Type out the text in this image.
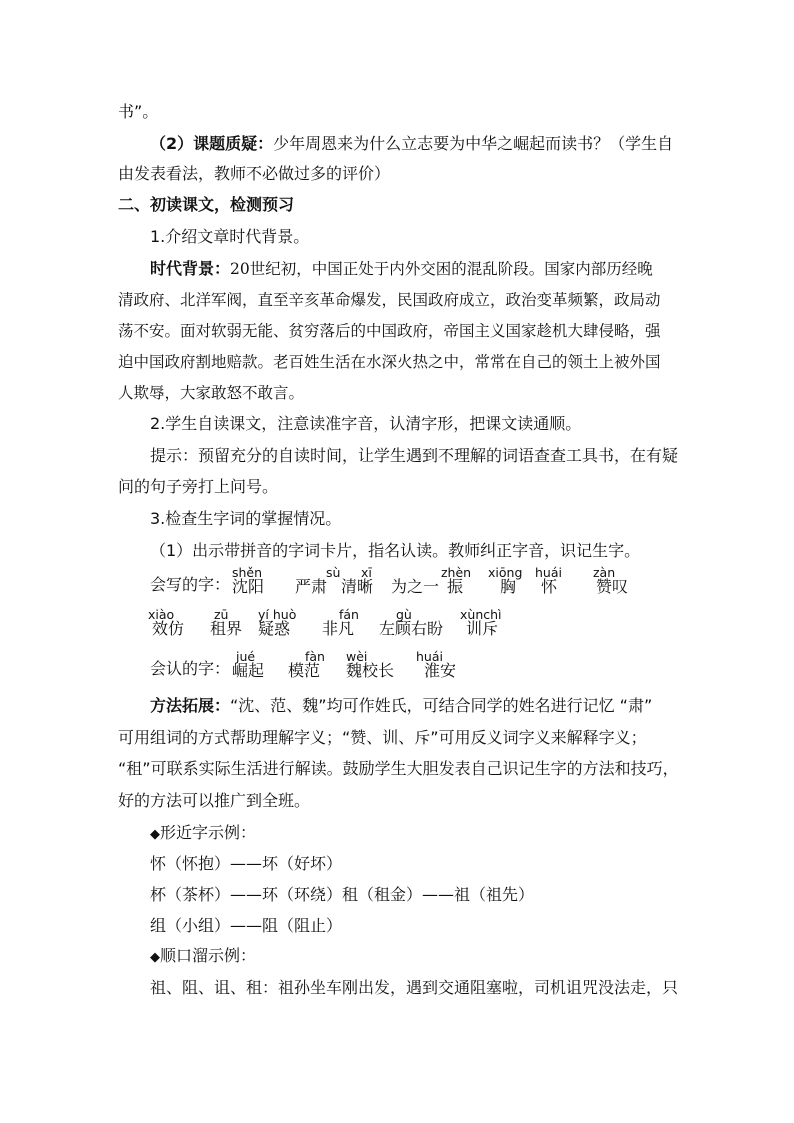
书”。
（2）课题质疑：少年周恩来为什么立志要为中华之崛起而读书？（学生自
由发表看法，教师不必做过多的评价）
二、初读课文，检测预习
1.介绍文章时代背景。
时代背景：20世纪初，中国正处于内外交困的混乱阶段。国家内部历经晚
清政府、北洋军阀，直至辛亥革命爆发，民国政府成立，政治变革频繁，政局动
荡不安。面对软弱无能、贫穷落后的中国政府，帝国主义国家趁机大肆侵略，强
迫中国政府割地赔款。老百姓生活在水深火热之中，常常在自己的领土上被外国
人欺辱，大家敢怒不敢言。
2.学生自读课文，注意读准字音，认清字形，把课文读通顺。
提示：预留充分的自读时间，让学生遇到不理解的词语查查工具书，在有疑
问的句子旁打上问号。
3.检查生字词的掌握情况。
（1）出示带拼音的字词卡片，指名认读。教师纠正字音，识记生字。
会写的字：
shěn
沈阳
sù
严肃
xī
清晰 为之一
zhèn
振
xiōng
胸
huái
怀
zàn
赞叹
xiào
效仿
zū
租界
yí huò
疑惑
fán
非凡
gù
左顾右盼
xùnchì
训斥
会认的字：
jué
崛起
fàn
模范
wèi
魏校长
huái
淮安
方法拓展：“沈、范、魏”均可作姓氏，可结合同学的姓名进行记忆 “肃”
可用组词的方式帮助理解字义；“赞、训、斥”可用反义词字义来解释字义；
“租”可联系实际生活进行解读。鼓励学生大胆发表自己识记生字的方法和技巧，
好的方法可以推广到全班。
◆形近字示例：
怀（怀抱）——坏（好坏）
杯（茶杯）——环（环绕）租（租金）——祖（祖先）
组（小组）——阻（阻止）
◆顺口溜示例：
祖、阻、诅、租：祖孙坐车刚出发，遇到交通阻塞啦，司机诅咒没法走，只
